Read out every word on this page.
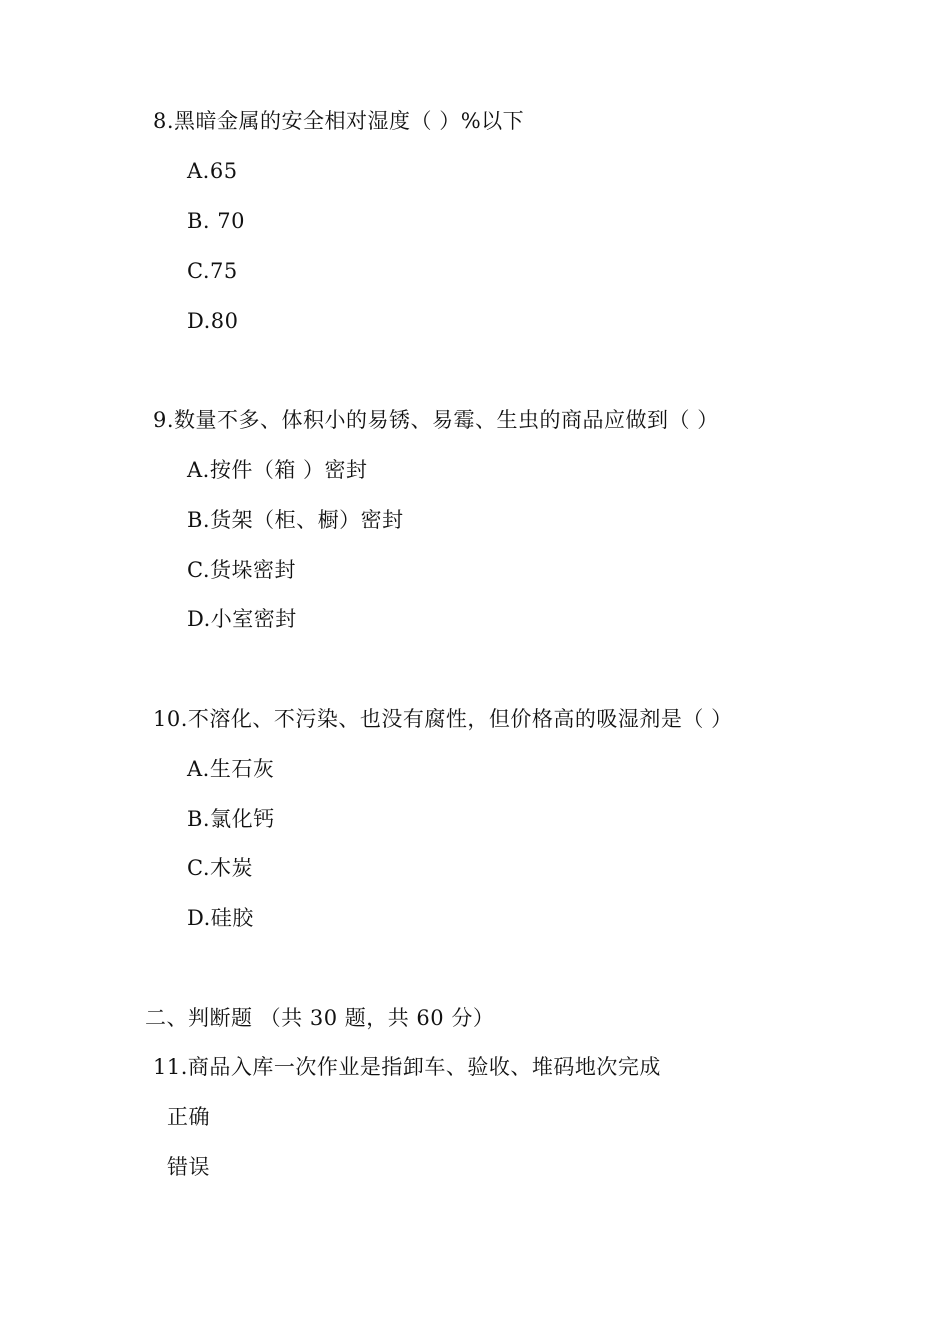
8.黑暗金属的安全相对湿度（ ）%以下
A.65
B. 70
C.75
D.80
9.数量不多、体积小的易锈、易霉、生虫的商品应做到（ ）
A.按件（箱 ）密封
B.货架（柜、橱）密封
C.货垛密封
D.小室密封
10.不溶化、不污染、也没有腐性，但价格高的吸湿剂是（ ）
A.生石灰
B.氯化钙
C.木炭
D.硅胶
二、判断题 （共 30 题，共 60 分）
11.商品入库一次作业是指卸车、验收、堆码地次完成
正确
错误
